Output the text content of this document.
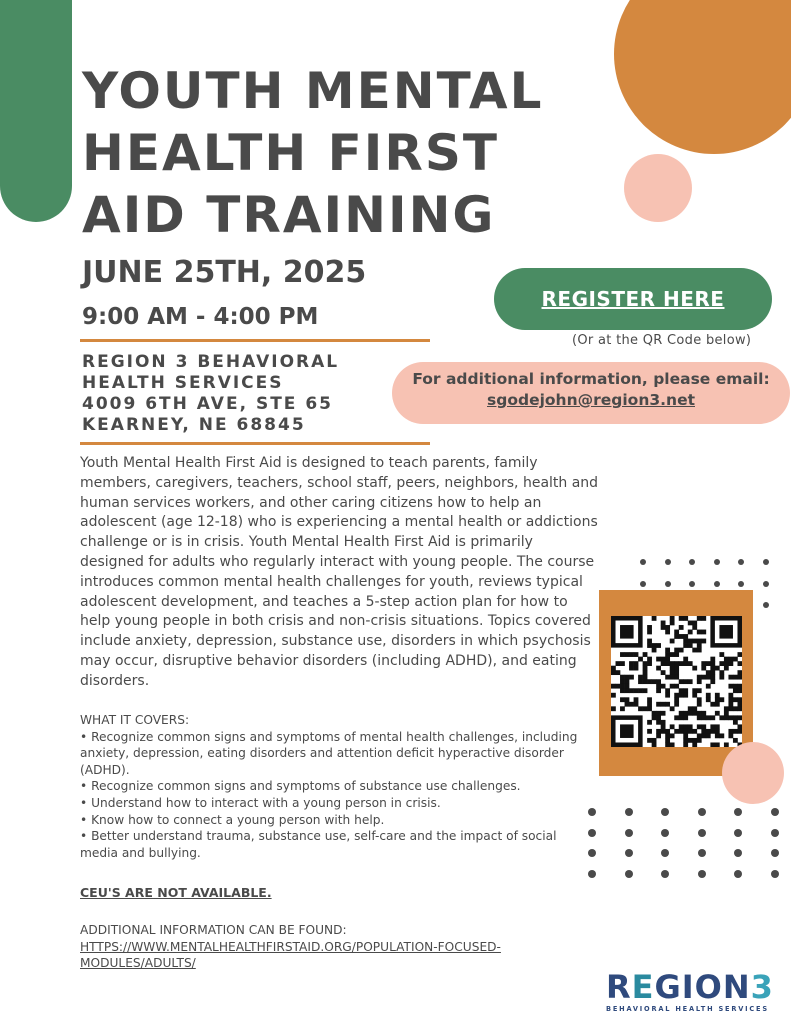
YOUTH MENTAL
HEALTH FIRST
AID TRAINING
JUNE 25TH, 2025
9:00 AM - 4:00 PM
REGION 3 BEHAVIORAL
HEALTH SERVICES
4009 6TH AVE, STE 65
KEARNEY, NE 68845
REGISTER HERE
(Or at the QR Code below)
For additional information, please email:
sgodejohn@region3.net

Youth Mental Health First Aid is designed to teach parents, family members, caregivers, teachers, school staff, peers, neighbors, health and human services workers, and other caring citizens how to help an adolescent (age 12-18) who is experiencing a mental health or addictions challenge or is in crisis. Youth Mental Health First Aid is primarily designed for adults who regularly interact with young people. The course introduces common mental health challenges for youth, reviews typical adolescent development, and teaches a 5-step action plan for how to help young people in both crisis and non-crisis situations. Topics covered include anxiety, depression, substance use, disorders in which psychosis may occur, disruptive behavior disorders (including ADHD), and eating disorders.

WHAT IT COVERS:
• Recognize common signs and symptoms of mental health challenges, including anxiety, depression, eating disorders and attention deficit hyperactive disorder (ADHD).
• Recognize common signs and symptoms of substance use challenges.
• Understand how to interact with a young person in crisis.
• Know how to connect a young person with help.
• Better understand trauma, substance use, self-care and the impact of social media and bullying.
CEU'S ARE NOT AVAILABLE.
ADDITIONAL INFORMATION CAN BE FOUND:
HTTPS://WWW.MENTALHEALTHFIRSTAID.ORG/POPULATION-FOCUSED-
MODULES/ADULTS/
REGION3
BEHAVIORAL HEALTH SERVICES
